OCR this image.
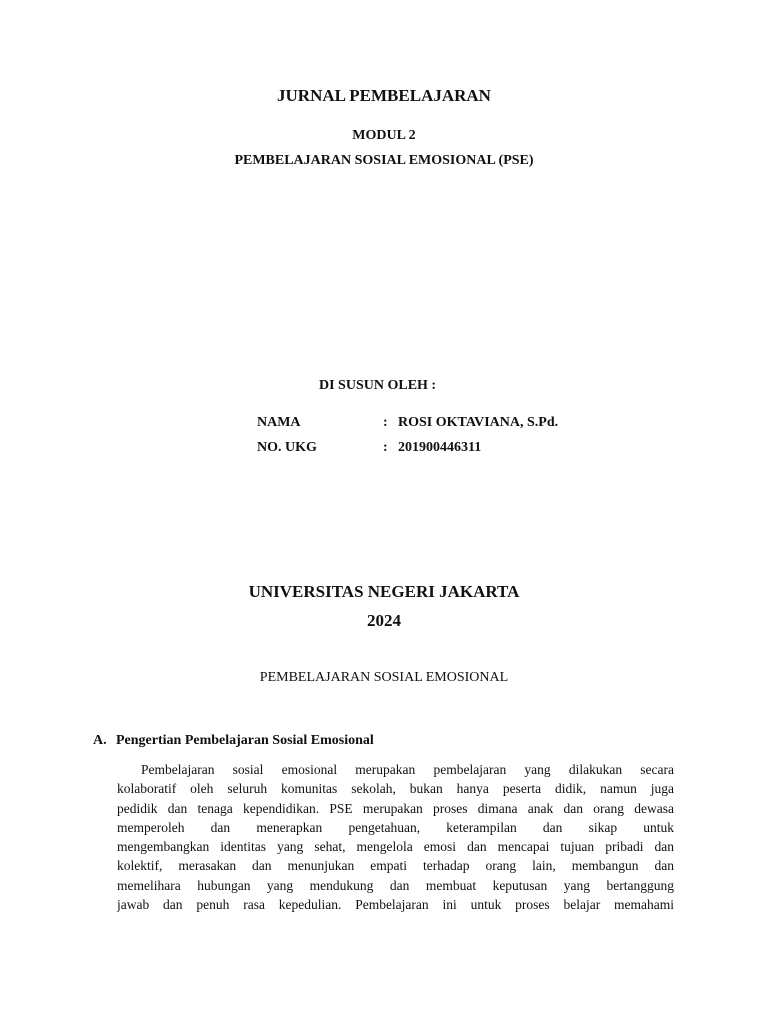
JURNAL PEMBELAJARAN
MODUL 2
PEMBELAJARAN SOSIAL EMOSIONAL (PSE)
DI SUSUN OLEH :
NAMA	: ROSI OKTAVIANA, S.Pd.
NO. UKG	: 201900446311
UNIVERSITAS NEGERI JAKARTA
2024
PEMBELAJARAN SOSIAL EMOSIONAL
A. Pengertian Pembelajaran Sosial Emosional
Pembelajaran sosial emosional merupakan pembelajaran yang dilakukan secara
kolaboratif oleh seluruh komunitas sekolah, bukan hanya peserta didik, namun juga
pedidik dan tenaga kependidikan. PSE merupakan proses dimana anak dan orang dewasa
memperoleh dan menerapkan pengetahuan, keterampilan dan sikap untuk
mengembangkan identitas yang sehat, mengelola emosi dan mencapai tujuan pribadi dan
kolektif, merasakan dan menunjukan empati terhadap orang lain, membangun dan
memelihara hubungan yang mendukung dan membuat keputusan yang bertanggung
jawab dan penuh rasa kepedulian. Pembelajaran ini untuk proses belajar memahami
